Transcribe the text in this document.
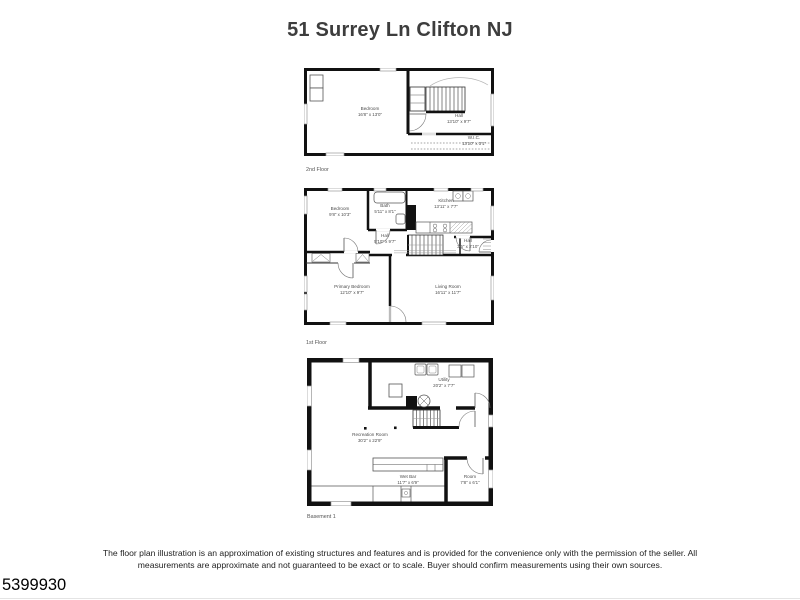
51 Surrey Ln Clifton NJ
Bedroom
16'8" x 13'0"	Hall
13'10" x 9'7"
W.I.C.
13'10" x 3'1"
2nd Floor
Bedroom
9'8" x 10'3"
Bath
5'11" x 8'1"
Kitchen
13'11" x 7'7"
Hall
5'10" x 9'7"	Hall
3'5" x 2'10"
Primary Bedroom
12'10" x 9'7"
Living Room
16'11" x 11'7"
1st Floor
Utility
20'2" x 7'7"
Recreation Room
30'2" x 22'9"
Wet Bar
11'7" x 6'9"
Room
7'8" x 6'1"
Basement 1
The floor plan illustration is an approximation of existing structures and features and is provided for the convenience only with the permission of the seller. All measurements are approximate and not guaranteed to be exact or to scale. Buyer should confirm measurements using their own sources.
5399930
